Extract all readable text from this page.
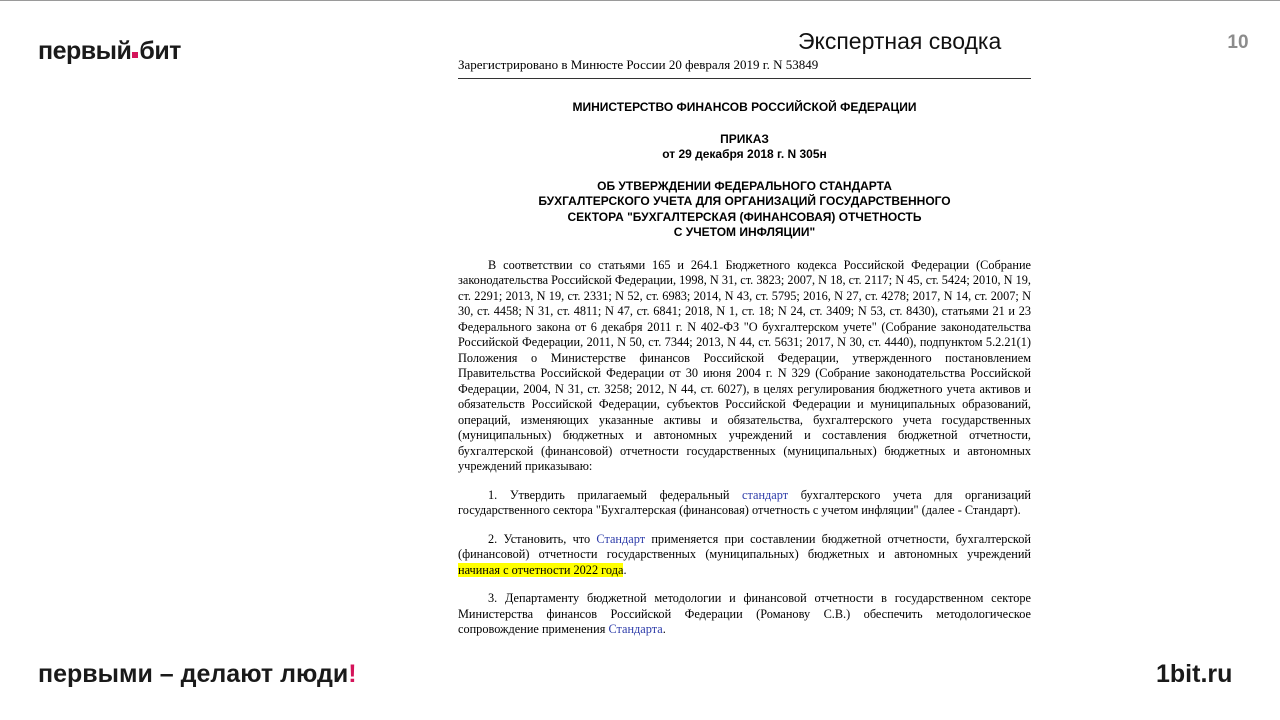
первый бит	Экспертная сводка	10
Зарегистрировано в Минюсте России 20 февраля 2019 г. N 53849
МИНИСТЕРСТВО ФИНАНСОВ РОССИЙСКОЙ ФЕДЕРАЦИИ
ПРИКАЗ
от 29 декабря 2018 г. N 305н
ОБ УТВЕРЖДЕНИИ ФЕДЕРАЛЬНОГО СТАНДАРТА
БУХГАЛТЕРСКОГО УЧЕТА ДЛЯ ОРГАНИЗАЦИЙ ГОСУДАРСТВЕННОГО
СЕКТОРА "БУХГАЛТЕРСКАЯ (ФИНАНСОВАЯ) ОТЧЕТНОСТЬ
С УЧЕТОМ ИНФЛЯЦИИ"

В соответствии со статьями 165 и 264.1 Бюджетного кодекса Российской Федерации (Собрание законодательства Российской Федерации, 1998, N 31, ст. 3823; 2007, N 18, ст. 2117; N 45, ст. 5424; 2010, N 19, ст. 2291; 2013, N 19, ст. 2331; N 52, ст. 6983; 2014, N 43, ст. 5795; 2016, N 27, ст. 4278; 2017, N 14, ст. 2007; N 30, ст. 4458; N 31, ст. 4811; N 47, ст. 6841; 2018, N 1, ст. 18; N 24, ст. 3409; N 53, ст. 8430), статьями 21 и 23 Федерального закона от 6 декабря 2011 г. N 402-ФЗ "О бухгалтерском учете" (Собрание законодательства Российской Федерации, 2011, N 50, ст. 7344; 2013, N 44, ст. 5631; 2017, N 30, ст. 4440), подпунктом 5.2.21(1) Положения о Министерстве финансов Российской Федерации, утвержденного постановлением Правительства Российской Федерации от 30 июня 2004 г. N 329 (Собрание законодательства Российской Федерации, 2004, N 31, ст. 3258; 2012, N 44, ст. 6027), в целях регулирования бюджетного учета активов и обязательств Российской Федерации, субъектов Российской Федерации и муниципальных образований, операций, изменяющих указанные активы и обязательства, бухгалтерского учета государственных (муниципальных) бюджетных и автономных учреждений и составления бюджетной отчетности, бухгалтерской (финансовой) отчетности государственных (муниципальных) бюджетных и автономных учреждений приказываю:

1. Утвердить прилагаемый федеральный стандарт бухгалтерского учета для организаций государственного сектора "Бухгалтерская (финансовая) отчетность с учетом инфляции" (далее - Стандарт).

2. Установить, что Стандарт применяется при составлении бюджетной отчетности, бухгалтерской (финансовой) отчетности государственных (муниципальных) бюджетных и автономных учреждений начиная с отчетности 2022 года.

3. Департаменту бюджетной методологии и финансовой отчетности в государственном секторе Министерства финансов Российской Федерации (Романову С.В.) обеспечить методологическое сопровождение применения Стандарта.

первыми – делают люди!	1bit.ru
